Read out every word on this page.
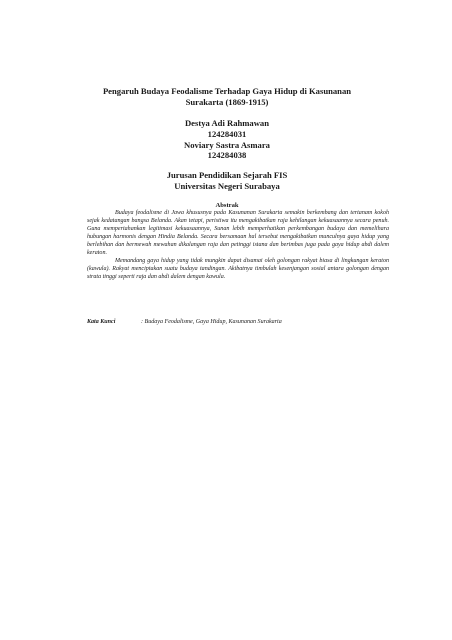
Pengaruh Budaya Feodalisme Terhadap Gaya Hidup di Kasunanan
Surakarta (1869-1915)
Destya Adi Rahmawan
124284031
Noviary Sastra Asmara
124284038
Jurusan Pendidikan Sejarah FIS
Universitas Negeri Surabaya
Abstrak

Budaya feodalisme di Jawa khususnya pada Kasunanan Surakarta semakin berkembang dan tertanam kokoh sejak kedatangan bangsa Belanda. Akan tetapi, peristiwa itu mengakibatkan raja kehilangan kekuasaannya secara penuh. Guna mempertahankan legitimasi kekuasaannya, Sunan lebih memperhatikan perkembangan budaya dan memelihara hubungan harmonis dengan Hindia Belanda. Secara bersamaan hal tersebut mengakibatkan munculnya gaya hidup yang berlebihan dan bermewah mewahan dikalangan raja dan petinggi istana dan berimbas juga pada gaya hidup abdi dalem keraton.

Memandang gaya hidup yang tidak mungkin dapat disamai oleh golongan rakyat biasa di lingkungan keraton (kawula). Rakyat menciptakan suatu budaya tandingan. Akibatnya timbulah kesenjangan sosial antara golongan dengan strata tinggi seperti raja dan abdi dalem dengan kawula.

Kata Kunci	: Budaya Feodalisme, Gaya Hidup, Kasunanan Surakarta
